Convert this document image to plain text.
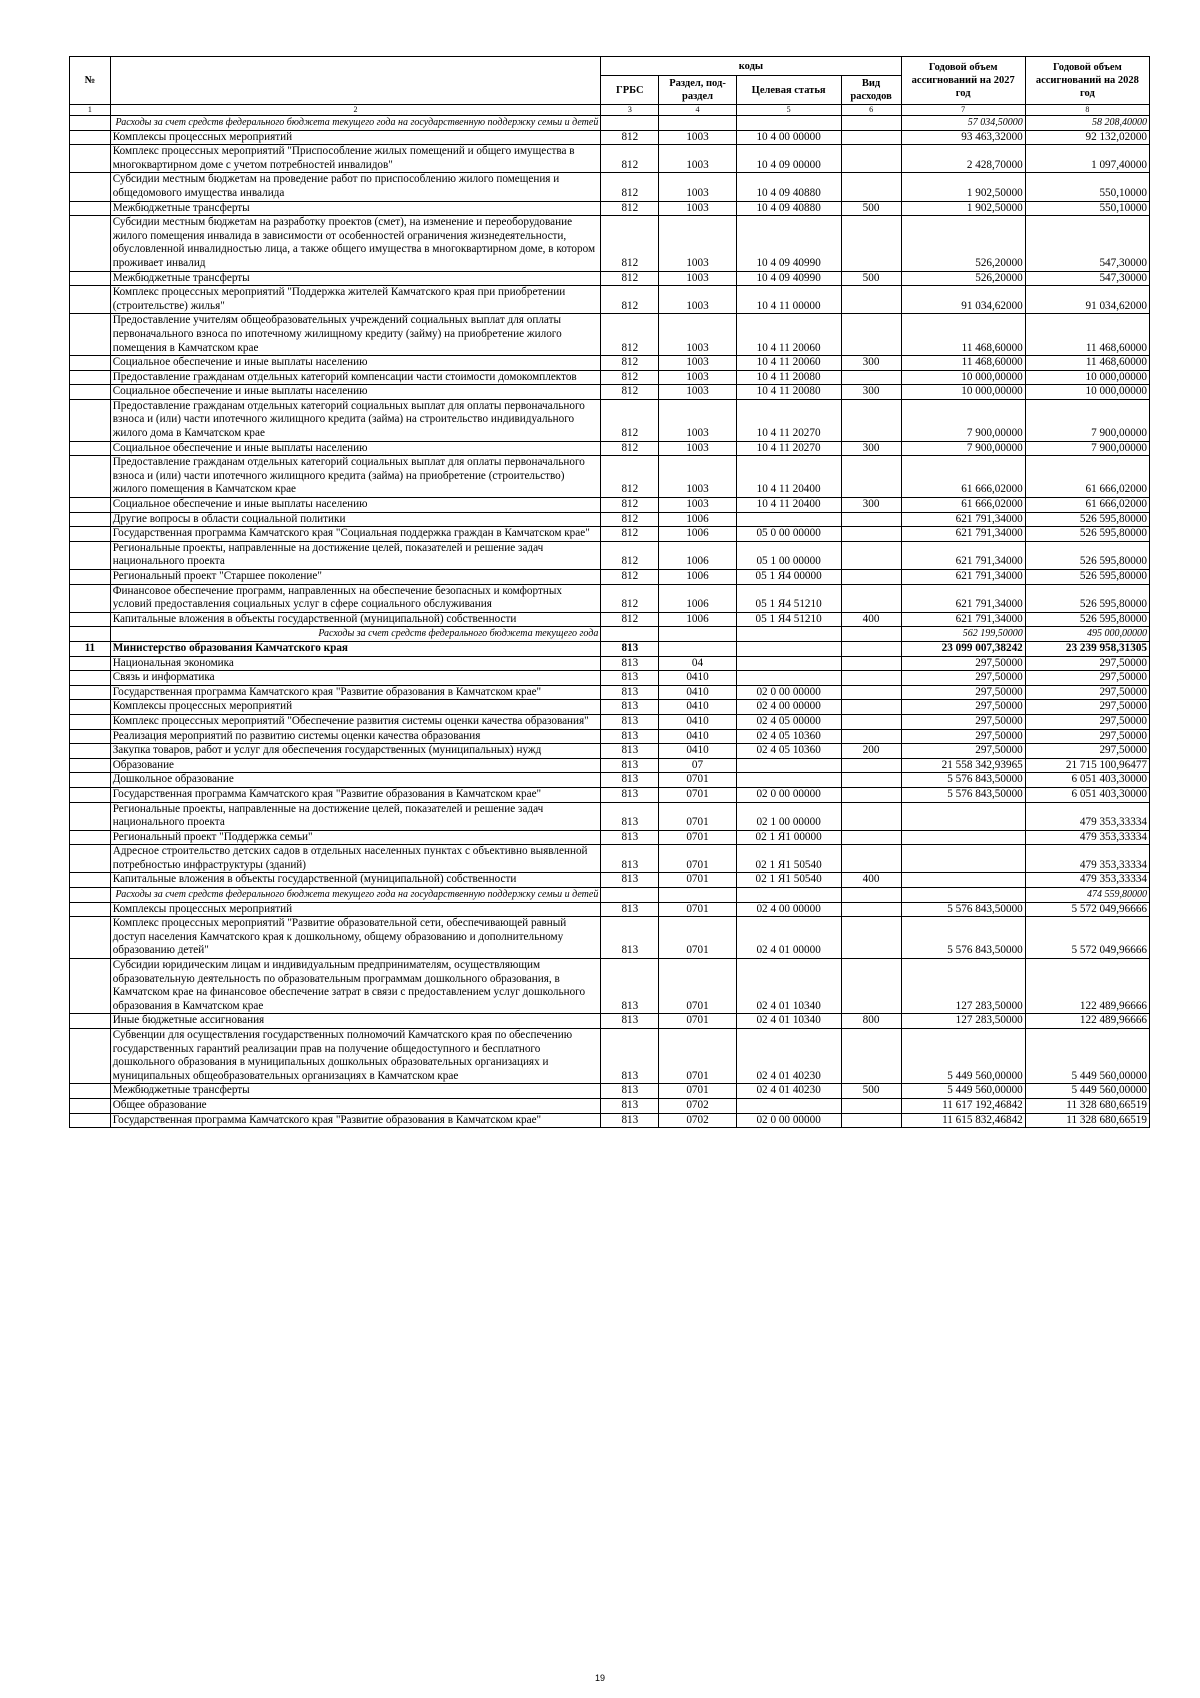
№		коды				Годовой объем ассигнований на 2027 год	Годовой объем ассигнований на 2028 год
		ГРБС	Раздел, под-раздел	Целевая статья	Вид расходов		
1	2	3	4	5	6	7	8
	Расходы за счет средств федерального бюджета текущего года на государственную поддержку семьи и детей					57 034,50000	58 208,40000
	Комплексы процессных мероприятий	812	1003	10 4 00 00000		93 463,32000	92 132,02000
	Комплекс процессных мероприятий "Приспособление жилых помещений и общего имущества в многоквартирном доме с учетом потребностей инвалидов"	812	1003	10 4 09 00000		2 428,70000	1 097,40000
	Субсидии местным бюджетам на проведение работ по приспособлению жилого помещения и общедомового имущества инвалида	812	1003	10 4 09 40880		1 902,50000	550,10000
	Межбюджетные трансферты	812	1003	10 4 09 40880	500	1 902,50000	550,10000
	Субсидии местным бюджетам на разработку проектов (смет), на изменение и переоборудование жилого помещения инвалида в зависимости от особенностей ограничения жизнедеятельности, обусловленной инвалидностью лица, а также общего имущества в многоквартирном доме, в котором проживает инвалид	812	1003	10 4 09 40990		526,20000	547,30000
	Межбюджетные трансферты	812	1003	10 4 09 40990	500	526,20000	547,30000
	Комплекс процессных мероприятий "Поддержка жителей Камчатского края при приобретении (строительстве) жилья"	812	1003	10 4 11 00000		91 034,62000	91 034,62000
	Предоставление учителям общеобразовательных учреждений социальных выплат для оплаты первоначального взноса по ипотечному жилищному кредиту (займу) на приобретение жилого помещения в Камчатском крае	812	1003	10 4 11 20060		11 468,60000	11 468,60000
	Социальное обеспечение и иные выплаты населению	812	1003	10 4 11 20060	300	11 468,60000	11 468,60000
	Предоставление гражданам отдельных категорий компенсации части стоимости домокомплектов	812	1003	10 4 11 20080		10 000,00000	10 000,00000
	Социальное обеспечение и иные выплаты населению	812	1003	10 4 11 20080	300	10 000,00000	10 000,00000
	Предоставление гражданам отдельных категорий социальных выплат для оплаты первоначального взноса и (или) части ипотечного жилищного кредита (займа) на строительство индивидуального жилого дома в Камчатском крае	812	1003	10 4 11 20270		7 900,00000	7 900,00000
	Социальное обеспечение и иные выплаты населению	812	1003	10 4 11 20270	300	7 900,00000	7 900,00000
	Предоставление гражданам отдельных категорий социальных выплат для оплаты первоначального взноса и (или) части ипотечного жилищного кредита (займа) на приобретение (строительство) жилого помещения в Камчатском крае	812	1003	10 4 11 20400		61 666,02000	61 666,02000
	Социальное обеспечение и иные выплаты населению	812	1003	10 4 11 20400	300	61 666,02000	61 666,02000
	Другие вопросы в области социальной политики	812	1006			621 791,34000	526 595,80000
	Государственная программа Камчатского края "Социальная поддержка граждан в Камчатском крае"	812	1006	05 0 00 00000		621 791,34000	526 595,80000
	Региональные проекты, направленные на достижение целей, показателей и решение задач национального проекта	812	1006	05 1 00 00000		621 791,34000	526 595,80000
	Региональный проект "Старшее поколение"	812	1006	05 1 Я4 00000		621 791,34000	526 595,80000
	Финансовое обеспечение программ, направленных на обеспечение безопасных и комфортных условий предоставления социальных услуг в сфере социального обслуживания	812	1006	05 1 Я4 51210		621 791,34000	526 595,80000
	Капитальные вложения в объекты государственной (муниципальной) собственности	812	1006	05 1 Я4 51210	400	621 791,34000	526 595,80000
	Расходы за счет средств федерального бюджета текущего года					562 199,50000	495 000,00000
11	Министерство образования Камчатского края	813				23 099 007,38242	23 239 958,31305
	Национальная экономика	813	04			297,50000	297,50000
	Связь и информатика	813	0410			297,50000	297,50000
	Государственная программа Камчатского края "Развитие образования в Камчатском крае"	813	0410	02 0 00 00000		297,50000	297,50000
	Комплексы процессных мероприятий	813	0410	02 4 00 00000		297,50000	297,50000
	Комплекс процессных мероприятий "Обеспечение развития системы оценки качества образования"	813	0410	02 4 05 00000		297,50000	297,50000
	Реализация мероприятий по развитию системы оценки качества образования	813	0410	02 4 05 10360		297,50000	297,50000
	Закупка товаров, работ и услуг для обеспечения государственных (муниципальных) нужд	813	0410	02 4 05 10360	200	297,50000	297,50000
	Образование	813	07			21 558 342,93965	21 715 100,96477
	Дошкольное образование	813	0701			5 576 843,50000	6 051 403,30000
	Государственная программа Камчатского края "Развитие образования в Камчатском крае"	813	0701	02 0 00 00000		5 576 843,50000	6 051 403,30000
	Региональные проекты, направленные на достижение целей, показателей и решение задач национального проекта	813	0701	02 1 00 00000			479 353,33334
	Региональный проект "Поддержка семьи"	813	0701	02 1 Я1 00000			479 353,33334
	Адресное строительство детских садов в отдельных населенных пунктах с объективно выявленной потребностью инфраструктуры (зданий)	813	0701	02 1 Я1 50540			479 353,33334
	Капитальные вложения в объекты государственной (муниципальной) собственности	813	0701	02 1 Я1 50540	400		479 353,33334
	Расходы за счет средств федерального бюджета текущего года на государственную поддержку семьи и детей						474 559,80000
	Комплексы процессных мероприятий	813	0701	02 4 00 00000		5 576 843,50000	5 572 049,96666
	Комплекс процессных мероприятий "Развитие образовательной сети, обеспечивающей равный доступ населения Камчатского края к дошкольному, общему образованию и дополнительному образованию детей"	813	0701	02 4 01 00000		5 576 843,50000	5 572 049,96666
	Субсидии юридическим лицам и индивидуальным предпринимателям, осуществляющим образовательную деятельность по образовательным программам дошкольного образования, в Камчатском крае на финансовое обеспечение затрат в связи с предоставлением услуг дошкольного образования в Камчатском крае	813	0701	02 4 01 10340		127 283,50000	122 489,96666
	Иные бюджетные ассигнования	813	0701	02 4 01 10340	800	127 283,50000	122 489,96666
	Субвенции для осуществления государственных полномочий Камчатского края по обеспечению государственных гарантий реализации прав на получение общедоступного и бесплатного дошкольного образования в муниципальных дошкольных образовательных организациях и муниципальных общеобразовательных организациях в Камчатском крае	813	0701	02 4 01 40230		5 449 560,00000	5 449 560,00000
	Межбюджетные трансферты	813	0701	02 4 01 40230	500	5 449 560,00000	5 449 560,00000
	Общее образование	813	0702			11 617 192,46842	11 328 680,66519
	Государственная программа Камчатского края "Развитие образования в Камчатском крае"	813	0702	02 0 00 00000		11 615 832,46842	11 328 680,66519
19
